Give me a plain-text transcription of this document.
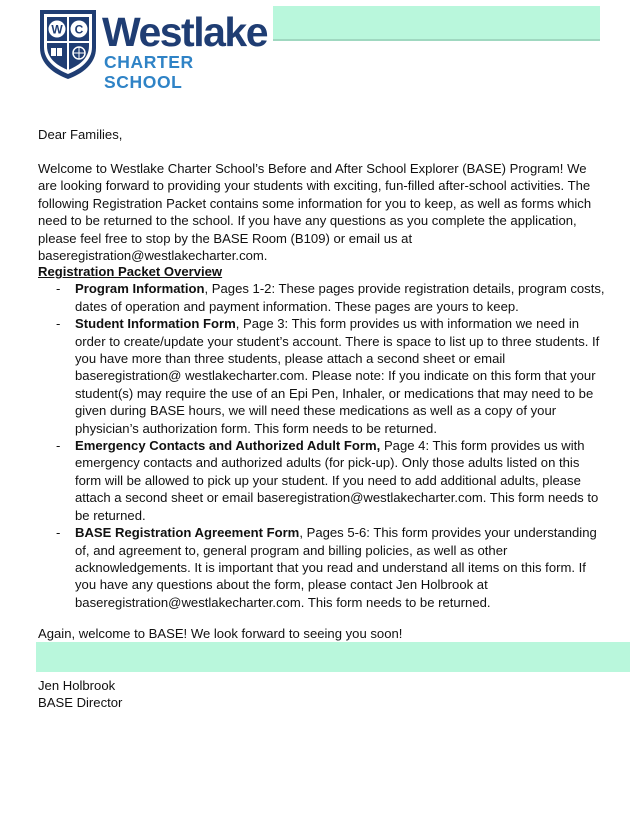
W C Westlake
CHARTER SCHOOL
Dear Families,
Welcome to Westlake Charter School’s Before and After School Explorer (BASE) Program! We are looking forward to providing your students with exciting, fun-filled after-school activities. The following Registration Packet contains some information for you to keep, as well as forms which need to be returned to the school. If you have any questions as you complete the application, please feel free to stop by the BASE Room (B109) or email us at baseregistration@westlakecharter.com.
Registration Packet Overview
- Program Information, Pages 1-2: These pages provide registration details, program costs, dates of operation and payment information. These pages are yours to keep.
- Student Information Form, Page 3: This form provides us with information we need in order to create/update your student’s account. There is space to list up to three students. If you have more than three students, please attach a second sheet or email baseregistration@ westlakecharter.com. Please note: If you indicate on this form that your student(s) may require the use of an Epi Pen, Inhaler, or medications that may need to be given during BASE hours, we will need these medications as well as a copy of your physician’s authorization form. This form needs to be returned.
- Emergency Contacts and Authorized Adult Form, Page 4: This form provides us with emergency contacts and authorized adults (for pick-up). Only those adults listed on this form will be allowed to pick up your student. If you need to add additional adults, please attach a second sheet or email baseregistration@westlakecharter.com. This form needs to be returned.
- BASE Registration Agreement Form, Pages 5-6: This form provides your understanding of, and agreement to, general program and billing policies, as well as other acknowledgements. It is important that you read and understand all items on this form. If you have any questions about the form, please contact Jen Holbrook at baseregistration@westlakecharter.com. This form needs to be returned.
Again, welcome to BASE! We look forward to seeing you soon!
Jen Holbrook
BASE Director
